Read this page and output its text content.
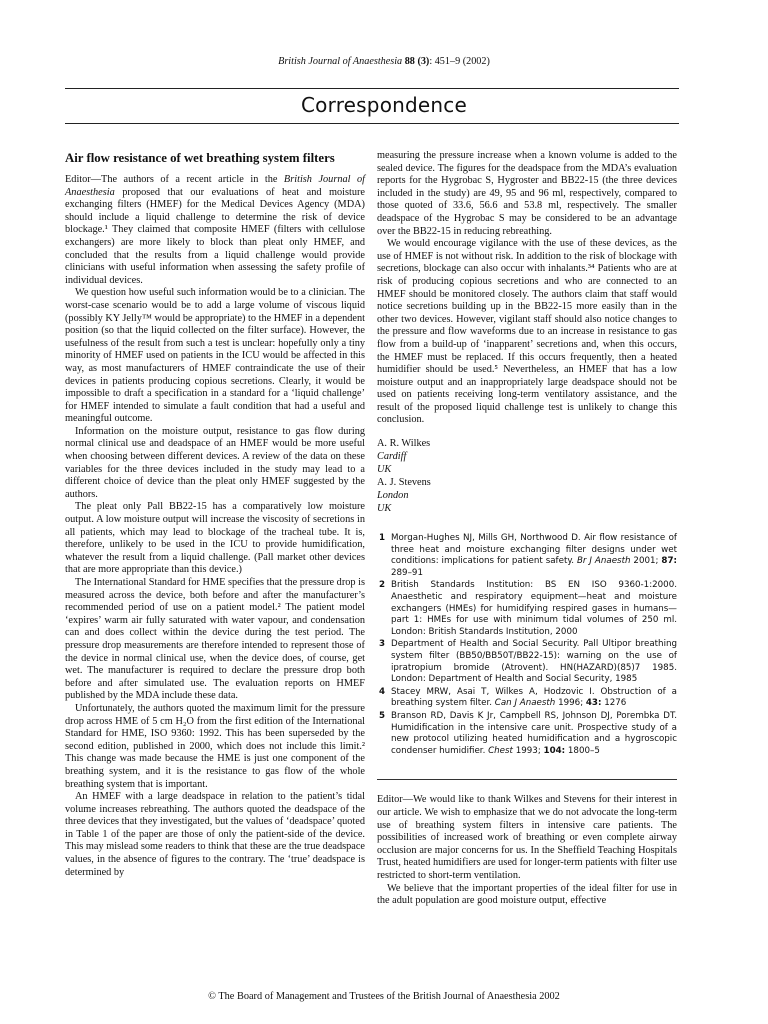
British Journal of Anaesthesia 88 (3): 451–9 (2002)
Correspondence
Air flow resistance of wet breathing system filters

Editor—The authors of a recent article in the British Journal of Anaesthesia proposed that our evaluations of heat and moisture exchanging filters (HMEF) for the Medical Devices Agency (MDA) should include a liquid challenge to determine the risk of device blockage.¹ They claimed that composite HMEF (filters with cellulose exchangers) are more likely to block than pleat only HMEF, and concluded that the results from a liquid challenge would provide clinicians with useful information when assessing the safety profile of individual devices.

We question how useful such information would be to a clinician. The worst-case scenario would be to add a large volume of viscous liquid (possibly KY Jelly™ would be appropriate) to the HMEF in a dependent position (so that the liquid collected on the filter surface). However, the usefulness of the result from such a test is unclear: hopefully only a tiny minority of HMEF used on patients in the ICU would be affected in this way, as most manufacturers of HMEF contraindicate the use of their devices in patients producing copious secretions. Clearly, it would be impossible to draft a specification in a standard for a ‘liquid challenge’ for HMEF intended to simulate a fault condition that had a useful and meaningful outcome.

Information on the moisture output, resistance to gas flow during normal clinical use and deadspace of an HMEF would be more useful when choosing between different devices. A review of the data on these variables for the three devices included in the study may lead to a different choice of device than the pleat only HMEF suggested by the authors.

The pleat only Pall BB22-15 has a comparatively low moisture output. A low moisture output will increase the viscosity of secretions in all patients, which may lead to blockage of the tracheal tube. It is, therefore, unlikely to be used in the ICU to provide humidification, whatever the result from a liquid challenge. (Pall market other devices that are more appropriate than this device.)

The International Standard for HME specifies that the pressure drop is measured across the device, both before and after the manufacturer’s recommended period of use on a patient model.² The patient model ‘expires’ warm air fully saturated with water vapour, and condensation can and does collect within the device during the test period. The pressure drop measurements are therefore intended to represent those of the device in normal clinical use, when the device does, of course, get wet. The manufacturer is required to declare the pressure drop both before and after simulated use. The evaluation reports on HMEF published by the MDA include these data.

Unfortunately, the authors quoted the maximum limit for the pressure drop across HME of 5 cm H₂O from the first edition of the International Standard for HME, ISO 9360: 1992. This has been superseded by the second edition, published in 2000, which does not include this limit.² This change was made because the HME is just one component of the breathing system, and it is the resistance to gas flow of the whole breathing system that is important.

An HMEF with a large deadspace in relation to the patient’s tidal volume increases rebreathing. The authors quoted the deadspace of the three devices that they investigated, but the values of ‘deadspace’ quoted in Table 1 of the paper are those of only the patient-side of the device. This may mislead some readers to think that these are the true deadspace values, in the absence of figures to the contrary. The ‘true’ deadspace is determined by

measuring the pressure increase when a known volume is added to the sealed device. The figures for the deadspace from the MDA’s evaluation reports for the Hygrobac S, Hygroster and BB22-15 (the three devices included in the study) are 49, 95 and 96 ml, respectively, compared to those quoted of 33.6, 56.6 and 53.8 ml, respectively. The smaller deadspace of the Hygrobac S may be considered to be an advantage over the BB22-15 in reducing rebreathing.

We would encourage vigilance with the use of these devices, as the use of HMEF is not without risk. In addition to the risk of blockage with secretions, blockage can also occur with inhalants.³⁴ Patients who are at risk of producing copious secretions and who are connected to an HMEF should be monitored closely. The authors claim that staff would notice secretions building up in the BB22-15 more easily than in the other two devices. However, vigilant staff should also notice changes to the pressure and flow waveforms due to an increase in resistance to gas flow from a build-up of ‘inapparent’ secretions and, when this occurs, the HMEF must be replaced. If this occurs frequently, then a heated humidifier should be used.⁵ Nevertheless, an HMEF that has a low moisture output and an inappropriately large deadspace should not be used on patients receiving long-term ventilatory assistance, and the result of the proposed liquid challenge test is unlikely to change this conclusion.

A. R. Wilkes
Cardiff
UK
A. J. Stevens
London
UK
1 Morgan-Hughes NJ, Mills GH, Northwood D. Air flow resistance of three heat and moisture exchanging filter designs under wet conditions: implications for patient safety. Br J Anaesth 2001; 87: 289–91
2 British Standards Institution: BS EN ISO 9360-1:2000. Anaesthetic and respiratory equipment—heat and moisture exchangers (HMEs) for humidifying respired gases in humans—part 1: HMEs for use with minimum tidal volumes of 250 ml. London: British Standards Institution, 2000
3 Department of Health and Social Security. Pall Ultipor breathing system filter (BB50/BB50T/BB22-15): warning on the use of ipratropium bromide (Atrovent). HN(HAZARD)(85)7 1985. London: Department of Health and Social Security, 1985
4 Stacey MRW, Asai T, Wilkes A, Hodzovic I. Obstruction of a breathing system filter. Can J Anaesth 1996; 43: 1276
5 Branson RD, Davis K Jr, Campbell RS, Johnson DJ, Porembka DT. Humidification in the intensive care unit. Prospective study of a new protocol utilizing heated humidification and a hygroscopic condenser humidifier. Chest 1993; 104: 1800–5

Editor—We would like to thank Wilkes and Stevens for their interest in our article. We wish to emphasize that we do not advocate the long-term use of breathing system filters in intensive care patients. The possibilities of increased work of breathing or even complete airway occlusion are major concerns for us. In the Sheffield Teaching Hospitals Trust, heated humidifiers are used for longer-term patients with filter use restricted to short-term ventilation.

We believe that the important properties of the ideal filter for use in the adult population are good moisture output, effective

© The Board of Management and Trustees of the British Journal of Anaesthesia 2002
